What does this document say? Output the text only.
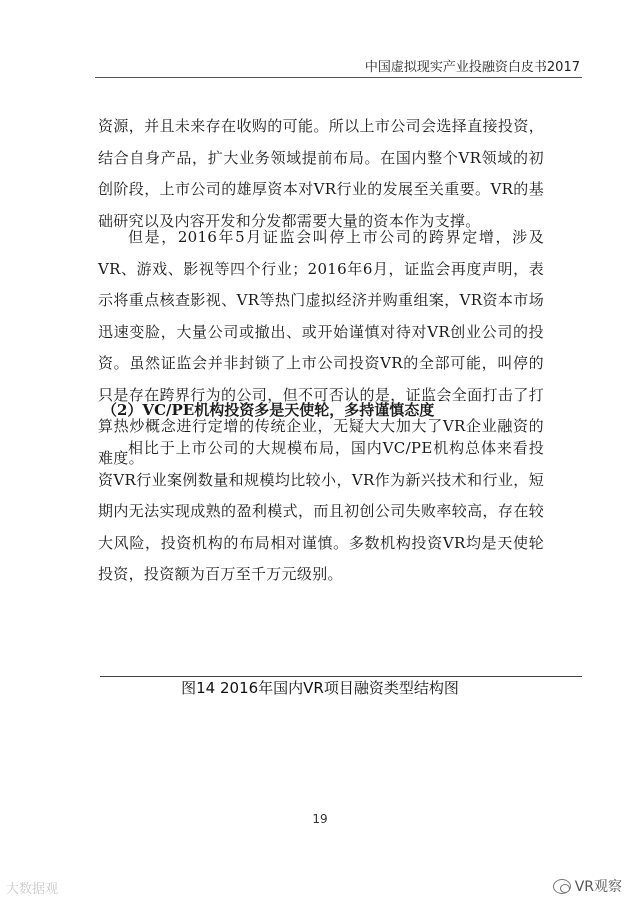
中国虚拟现实产业投融资白皮书2017

资源，并且未来存在收购的可能。所以上市公司会选择直接投资，结合自身产品，扩大业务领域提前布局。在国内整个VR领域的初创阶段，上市公司的雄厚资本对VR行业的发展至关重要。VR的基础研究以及内容开发和分发都需要大量的资本作为支撑。

但是，2016年5月证监会叫停上市公司的跨界定增，涉及VR、游戏、影视等四个行业；2016年6月，证监会再度声明，表示将重点核查影视、VR等热门虚拟经济并购重组案，VR资本市场迅速变脸，大量公司或撤出、或开始谨慎对待对VR创业公司的投资。虽然证监会并非封锁了上市公司投资VR的全部可能，叫停的只是存在跨界行为的公司，但不可否认的是，证监会全面打击了打算热炒概念进行定增的传统企业，无疑大大加大了VR企业融资的难度。

（2）VC/PE机构投资多是天使轮，多持谨慎态度

相比于上市公司的大规模布局，国内VC/PE机构总体来看投资VR行业案例数量和规模均比较小，VR作为新兴技术和行业，短期内无法实现成熟的盈利模式，而且初创公司失败率较高，存在较大风险，投资机构的布局相对谨慎。多数机构投资VR均是天使轮投资，投资额为百万至千万元级别。

图14 2016年国内VR项目融资类型结构图
19
大数据观	VR观察
